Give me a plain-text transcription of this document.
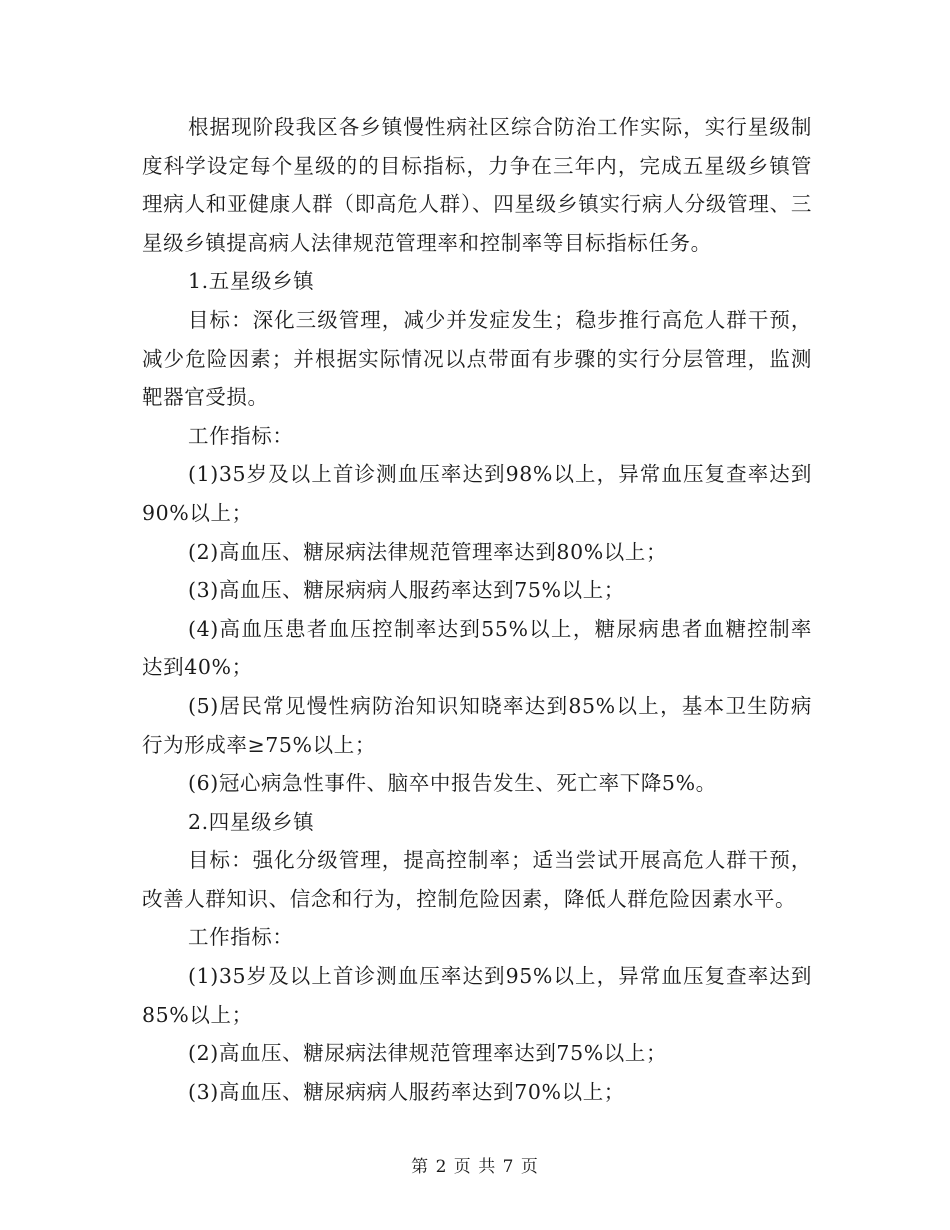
根据现阶段我区各乡镇慢性病社区综合防治工作实际，实行星级制度科学设定每个星级的的目标指标，力争在三年内，完成五星级乡镇管理病人和亚健康人群（即高危人群）、四星级乡镇实行病人分级管理、三星级乡镇提高病人法律规范管理率和控制率等目标指标任务。

1.五星级乡镇

目标：深化三级管理，减少并发症发生；稳步推行高危人群干预，减少危险因素；并根据实际情况以点带面有步骤的实行分层管理，监测靶器官受损。

工作指标：

(1)35岁及以上首诊测血压率达到98%以上，异常血压复查率达到90%以上；

(2)高血压、糖尿病法律规范管理率达到80%以上；

(3)高血压、糖尿病病人服药率达到75%以上；

(4)高血压患者血压控制率达到55%以上，糖尿病患者血糖控制率达到40%；

(5)居民常见慢性病防治知识知晓率达到85%以上，基本卫生防病行为形成率≥75%以上；

(6)冠心病急性事件、脑卒中报告发生、死亡率下降5%。

2.四星级乡镇

目标：强化分级管理，提高控制率；适当尝试开展高危人群干预，改善人群知识、信念和行为，控制危险因素，降低人群危险因素水平。

工作指标：

(1)35岁及以上首诊测血压率达到95%以上，异常血压复查率达到85%以上；

(2)高血压、糖尿病法律规范管理率达到75%以上；

(3)高血压、糖尿病病人服药率达到70%以上；

第 2 页 共 7 页
